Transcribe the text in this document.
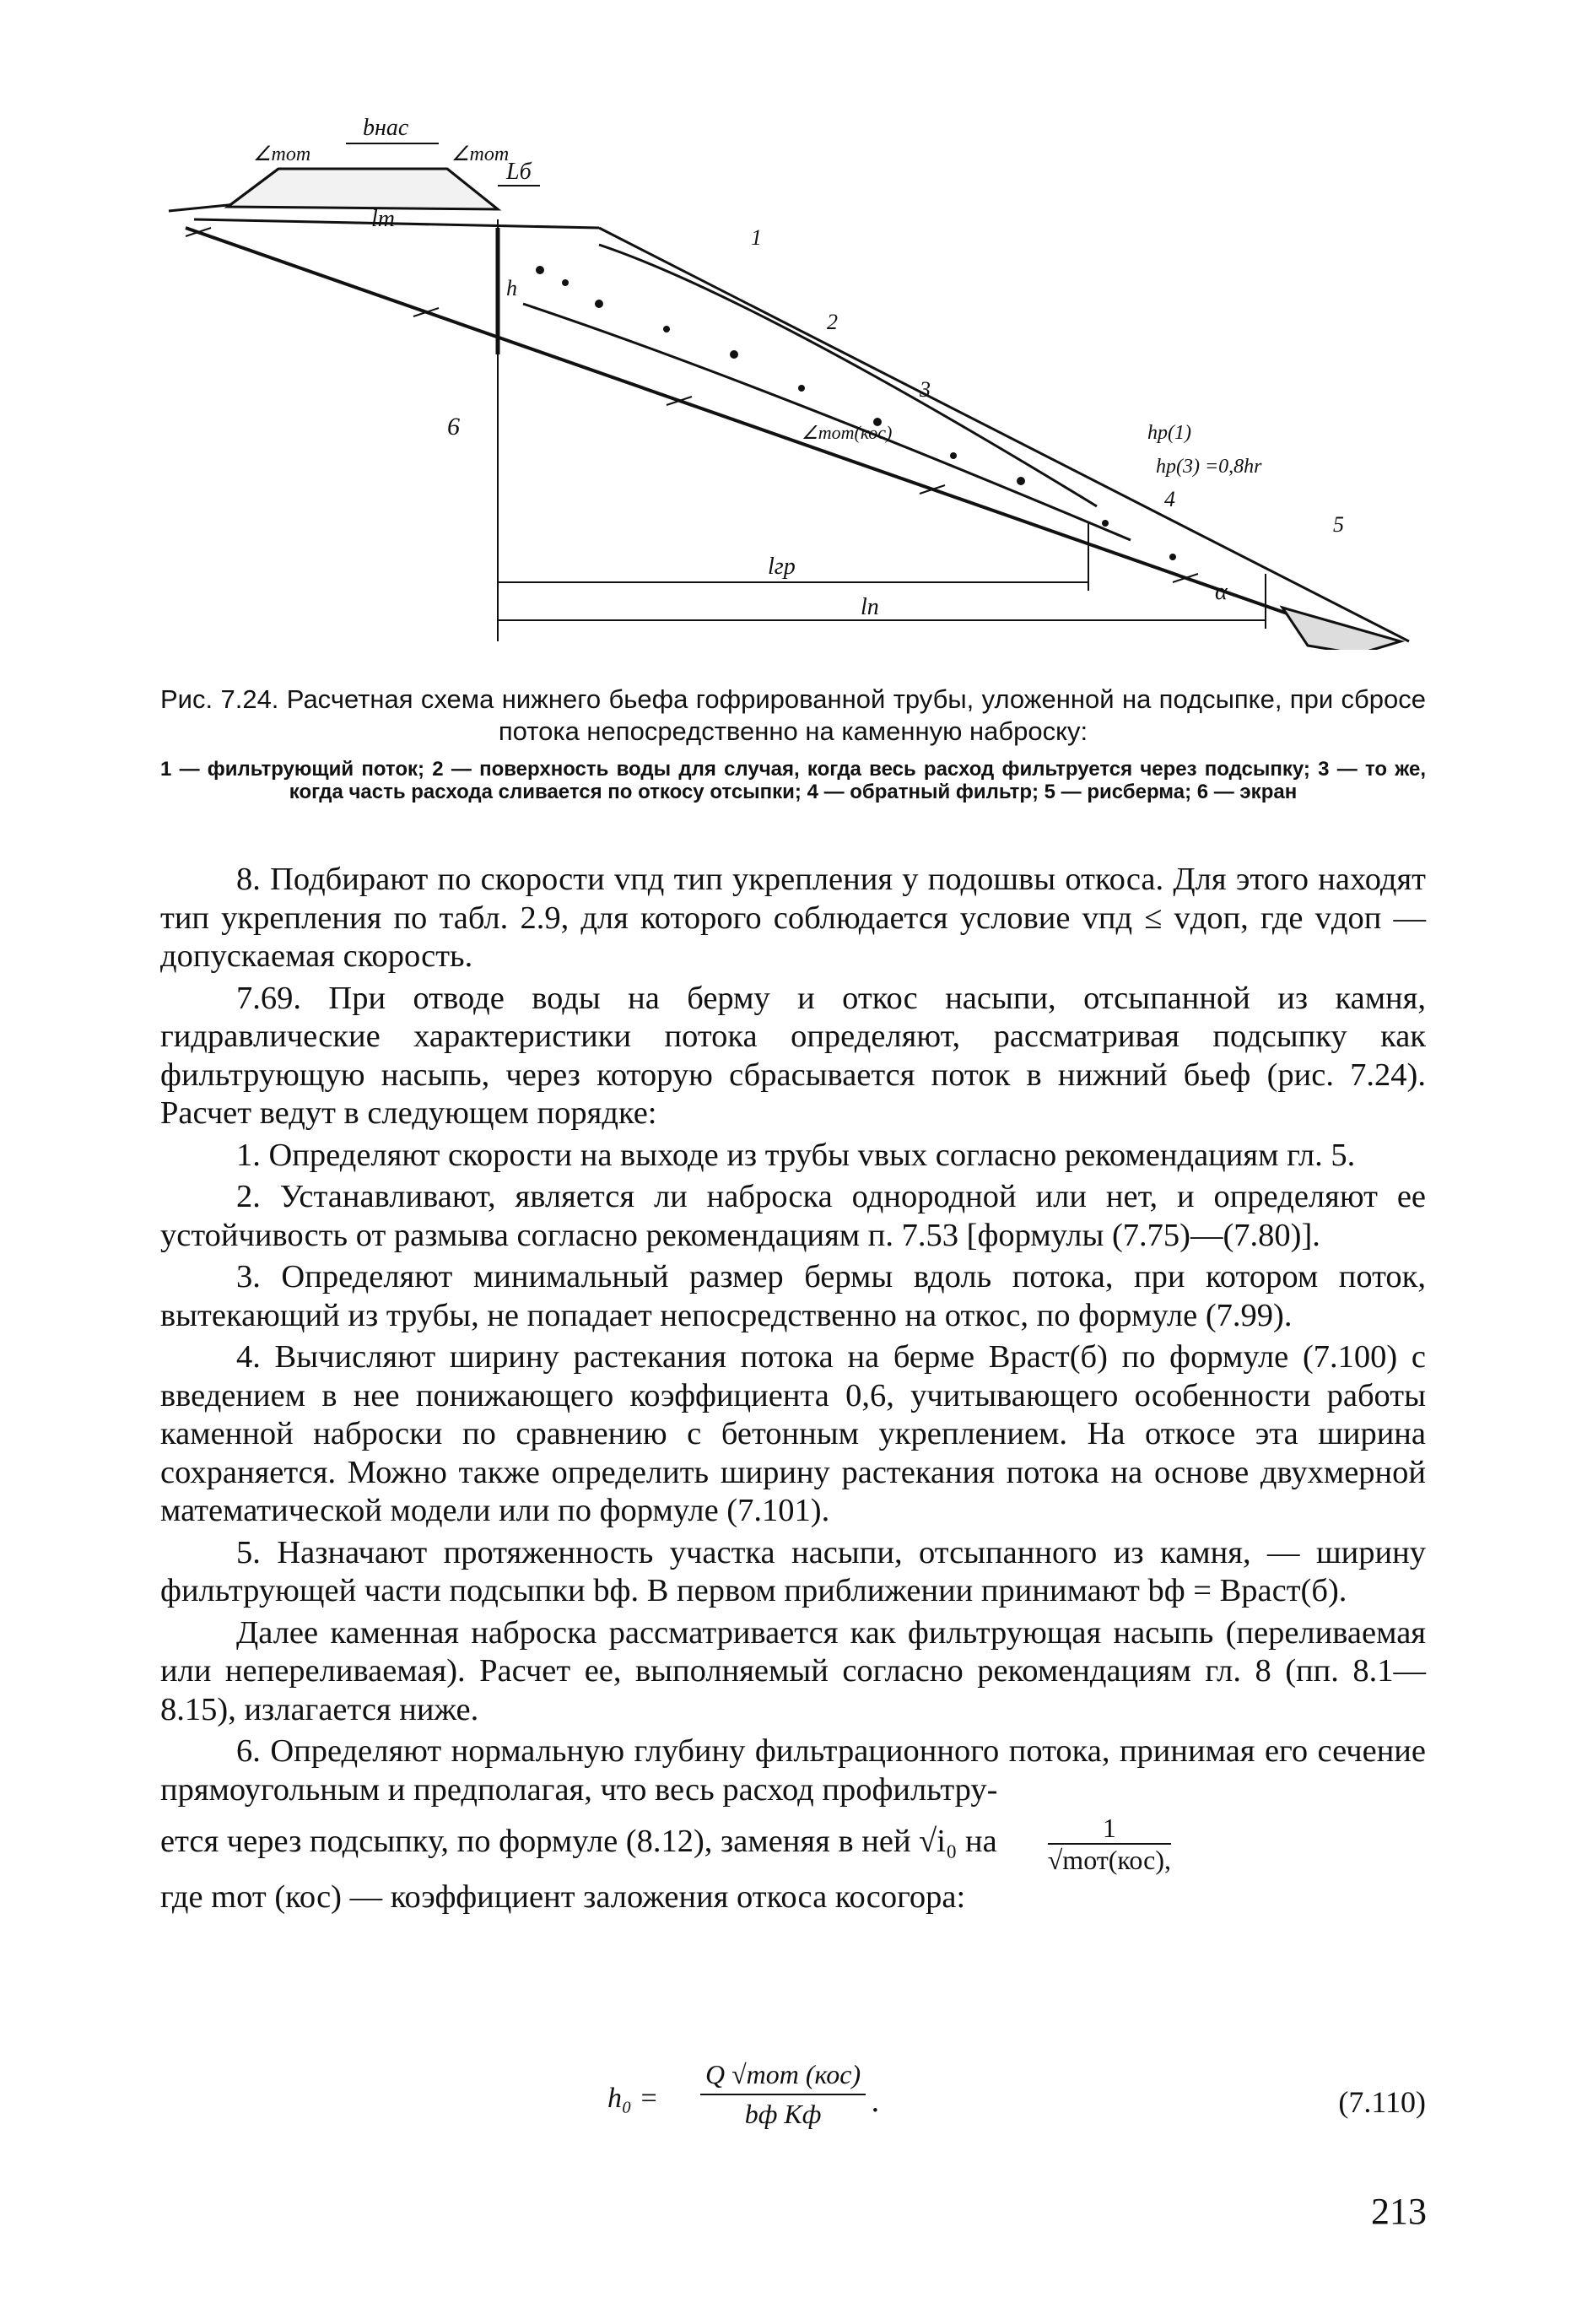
bнас
∠mот	∠mот
Lб
lт
h
1
2
3
4
5
6	∠mот(кос)	hp(1)
hp(3) =0,8hr
lгр
lп
α
Рис. 7.24. Расчетная схема нижнего бьефа гофрированной трубы, уложенной на подсыпке, при сбросе потока непосредственно на каменную наброску:
1 — фильтрующий поток; 2 — поверхность воды для случая, когда весь расход фильтруется через подсыпку; 3 — то же, когда часть расхода сливается по откосу отсыпки; 4 — обратный фильтр; 5 — рисберма; 6 — экран

8. Подбирают по скорости vпд тип укрепления у подошвы откоса. Для этого находят тип укрепления по табл. 2.9, для которого соблюдается условие vпд ≤ vдоп, где vдоп — допускаемая скорость.

7.69. При отводе воды на берму и откос насыпи, отсыпанной из камня, гидравлические характеристики потока определяют, рассматривая подсыпку как фильтрующую насыпь, через которую сбрасывается поток в нижний бьеф (рис. 7.24). Расчет ведут в следующем порядке:

1. Определяют скорости на выходе из трубы vвых согласно рекомендациям гл. 5.

2. Устанавливают, является ли наброска однородной или нет, и определяют ее устойчивость от размыва согласно рекомендациям п. 7.53 [формулы (7.75)—(7.80)].

3. Определяют минимальный размер бермы вдоль потока, при котором поток, вытекающий из трубы, не попадает непосредственно на откос, по формуле (7.99).

4. Вычисляют ширину растекания потока на берме Bраст(б) по формуле (7.100) с введением в нее понижающего коэффициента 0,6, учитывающего особенности работы каменной наброски по сравнению с бетонным укреплением. На откосе эта ширина сохраняется. Можно также определить ширину растекания потока на основе двухмерной математической модели или по формуле (7.101).

5. Назначают протяженность участка насыпи, отсыпанного из камня, — ширину фильтрующей части подсыпки bф. В первом приближении принимают bф = Bраст(б).

Далее каменная наброска рассматривается как фильтрующая насыпь (переливаемая или непереливаемая). Расчет ее, выполняемый согласно рекомендациям гл. 8 (пп. 8.1—8.15), излагается ниже.

6. Определяют нормальную глубину фильтрационного потока, принимая его сечение прямоугольным и предполагая, что весь расход профильтру-

ется через подсыпку, по формуле (8.12), заменяя в ней √i₀ на $\frac{1}{\text{√mот(кос),}}$

где mот (кос) — коэффициент заложения откоса косогора:

h₀ =
Q √mот (кос)
bф Kф	.	(7.110)
213
